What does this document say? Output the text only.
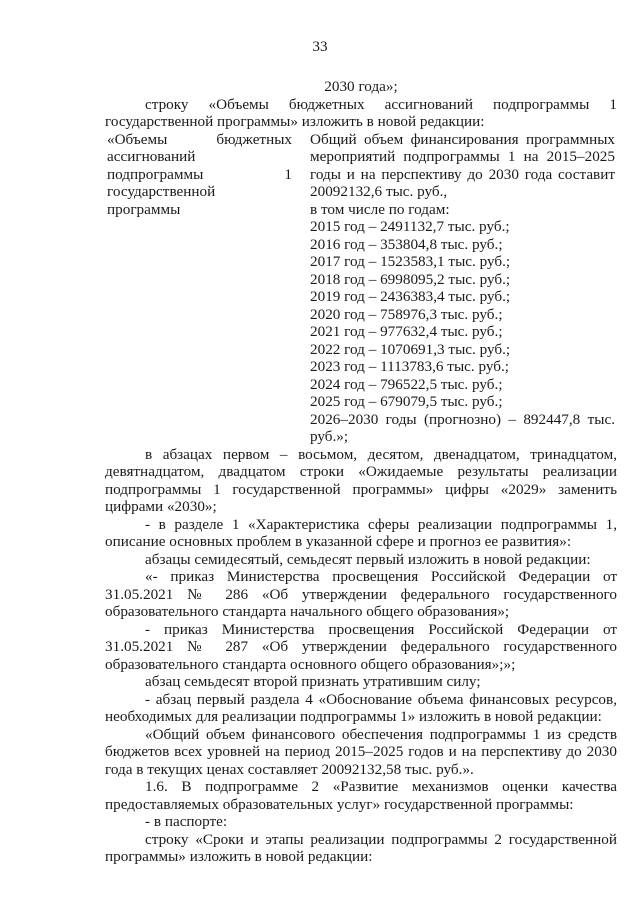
33

2030 года»;

строку «Объемы бюджетных ассигнований подпрограммы 1 государственной программы» изложить в новой редакции:

«Объемы бюджетных ассигнований подпрограммы 1 государственной программы

Общий объем финансирования программных мероприятий подпрограммы 1 на 2015–2025 годы и на перспективу до 2030 года составит 20092132,6 тыс. руб.,

в том числе по годам:

2015 год – 2491132,7 тыс. руб.;

2016 год – 353804,8 тыс. руб.;

2017 год – 1523583,1 тыс. руб.;

2018 год – 6998095,2 тыс. руб.;

2019 год – 2436383,4 тыс. руб.;

2020 год – 758976,3 тыс. руб.;

2021 год – 977632,4 тыс. руб.;

2022 год – 1070691,3 тыс. руб.;

2023 год – 1113783,6 тыс. руб.;

2024 год – 796522,5 тыс. руб.;

2025 год – 679079,5 тыс. руб.;

2026–2030 годы (прогнозно) – 892447,8 тыс. руб.»;

в абзацах первом – восьмом, десятом, двенадцатом, тринадцатом, девятнадцатом, двадцатом строки «Ожидаемые результаты реализации подпрограммы 1 государственной программы» цифры «2029» заменить цифрами «2030»;

- в разделе 1 «Характеристика сферы реализации подпрограммы 1, описание основных проблем в указанной сфере и прогноз ее развития»:

абзацы семидесятый, семьдесят первый изложить в новой редакции:

«- приказ Министерства просвещения Российской Федерации от 31.05.2021 № 286 «Об утверждении федерального государственного образовательного стандарта начального общего образования»;

- приказ Министерства просвещения Российской Федерации от 31.05.2021 № 287 «Об утверждении федерального государственного образовательного стандарта основного общего образования»;»;

абзац семьдесят второй признать утратившим силу;

- абзац первый раздела 4 «Обоснование объема финансовых ресурсов, необходимых для реализации подпрограммы 1» изложить в новой редакции:

«Общий объем финансового обеспечения подпрограммы 1 из средств бюджетов всех уровней на период 2015–2025 годов и на перспективу до 2030 года в текущих ценах составляет 20092132,58 тыс. руб.».

1.6. В подпрограмме 2 «Развитие механизмов оценки качества предоставляемых образовательных услуг» государственной программы:

- в паспорте:

строку «Сроки и этапы реализации подпрограммы 2 государственной программы» изложить в новой редакции:
